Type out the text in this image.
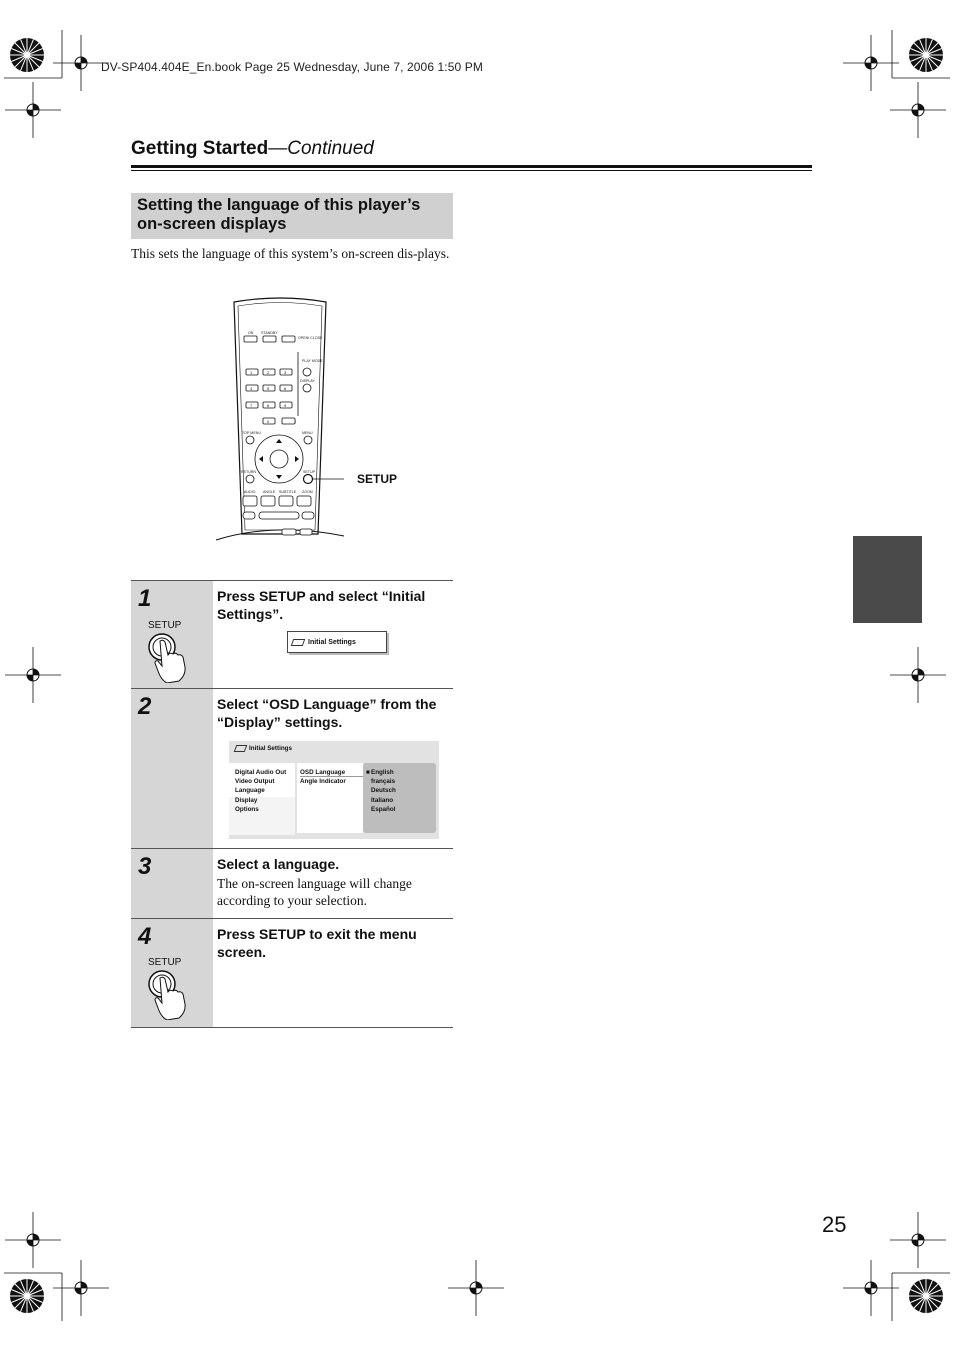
DV-SP404.404E_En.book Page 25 Wednesday, June 7, 2006 1:50 PM
Getting Started—Continued
Setting the language of this player’s on-screen displays
This sets the language of this system’s on-screen dis-plays.
ON STANDBY
OPEN/ CLOSE
PLAY MODE
DISPLAY
TOP MENU	MENU
RETURN	SETUP
AUDIO ANGLE SUBTITLE ZOOM
1	2	3
4	5	6
7	8	9
0
SETUP
1
SETUP
Press SETUP and select “Initial Settings”.
Initial Settings
2	Select “OSD Language” from the “Display” settings.
Initial Settings
Digital Audio Out
Video Output
Language
Display
Options
OSD Language
Angle Indicator
■ English
français
Deutsch
Italiano
Español
3	Select a language.
The on-screen language will change according to your selection.
4
SETUP
Press SETUP to exit the menu screen.
25
